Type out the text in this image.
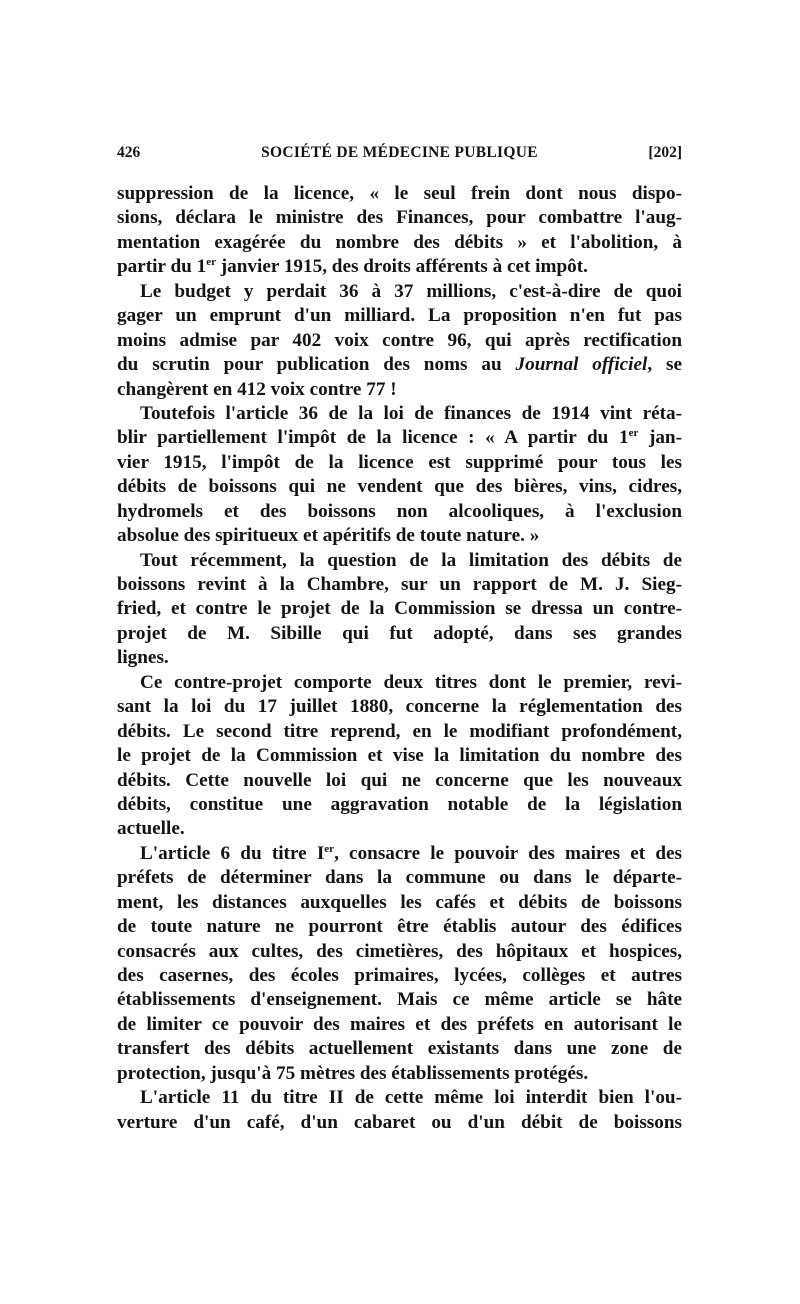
426	SOCIÉTÉ DE MÉDECINE PUBLIQUE	[202]
suppression de la licence, « le seul frein dont nous dispo-
sions, déclara le ministre des Finances, pour combattre l'aug-
mentation exagérée du nombre des débits » et l'abolition, à
partir du 1er janvier 1915, des droits afférents à cet impôt.
Le budget y perdait 36 à 37 millions, c'est-à-dire de quoi
gager un emprunt d'un milliard. La proposition n'en fut pas
moins admise par 402 voix contre 96, qui après rectification
du scrutin pour publication des noms au Journal officiel, se
changèrent en 412 voix contre 77 !
Toutefois l'article 36 de la loi de finances de 1914 vint réta-
blir partiellement l'impôt de la licence : « A partir du 1er jan-
vier 1915, l'impôt de la licence est supprimé pour tous les
débits de boissons qui ne vendent que des bières, vins, cidres,
hydromels et des boissons non alcooliques, à l'exclusion
absolue des spiritueux et apéritifs de toute nature. »
Tout récemment, la question de la limitation des débits de
boissons revint à la Chambre, sur un rapport de M. J. Sieg-
fried, et contre le projet de la Commission se dressa un contre-
projet de M. Sibille qui fut adopté, dans ses grandes
lignes.
Ce contre-projet comporte deux titres dont le premier, revi-
sant la loi du 17 juillet 1880, concerne la réglementation des
débits. Le second titre reprend, en le modifiant profondément,
le projet de la Commission et vise la limitation du nombre des
débits. Cette nouvelle loi qui ne concerne que les nouveaux
débits, constitue une aggravation notable de la législation
actuelle.
L'article 6 du titre Ier, consacre le pouvoir des maires et des
préfets de déterminer dans la commune ou dans le départe-
ment, les distances auxquelles les cafés et débits de boissons
de toute nature ne pourront être établis autour des édifices
consacrés aux cultes, des cimetières, des hôpitaux et hospices,
des casernes, des écoles primaires, lycées, collèges et autres
établissements d'enseignement. Mais ce même article se hâte
de limiter ce pouvoir des maires et des préfets en autorisant le
transfert des débits actuellement existants dans une zone de
protection, jusqu'à 75 mètres des établissements protégés.
L'article 11 du titre II de cette même loi interdit bien l'ou-
verture d'un café, d'un cabaret ou d'un débit de boissons
